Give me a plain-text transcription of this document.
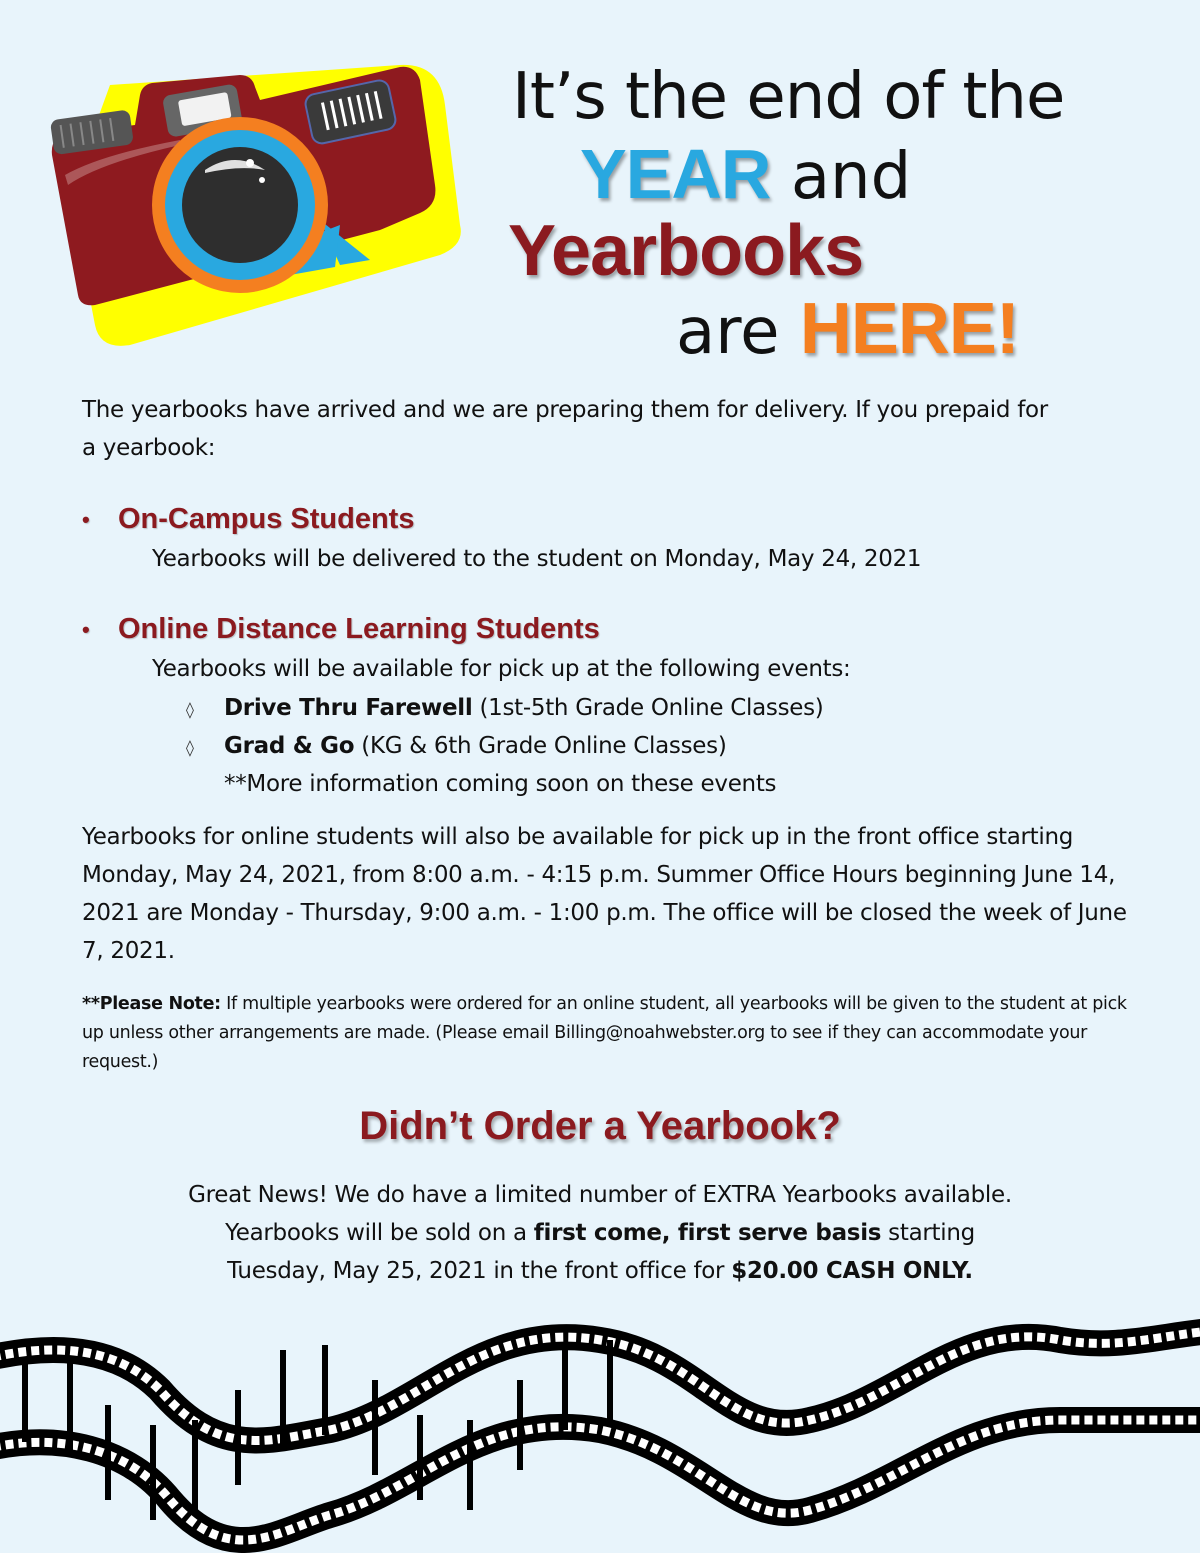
It’s the end of the
YEAR and
Yearbooks
are HERE!
The yearbooks have arrived and we are preparing them for delivery. If you prepaid for a yearbook:
• On-Campus Students
Yearbooks will be delivered to the student on Monday, May 24, 2021
• Online Distance Learning Students
Yearbooks will be available for pick up at the following events:
◊ Drive Thru Farewell (1st-5th Grade Online Classes)
◊ Grad & Go (KG & 6th Grade Online Classes)
**More information coming soon on these events
Yearbooks for online students will also be available for pick up in the front office starting Monday, May 24, 2021, from 8:00 a.m. - 4:15 p.m. Summer Office Hours beginning June 14, 2021 are Monday - Thursday, 9:00 a.m. - 1:00 p.m. The office will be closed the week of June 7, 2021.
**Please Note: If multiple yearbooks were ordered for an online student, all yearbooks will be given to the student at pick up unless other arrangements are made. (Please email Billing@noahwebster.org to see if they can accommodate your request.)
Didn’t Order a Yearbook?
Great News! We do have a limited number of EXTRA Yearbooks available.
Yearbooks will be sold on a first come, first serve basis starting
Tuesday, May 25, 2021 in the front office for $20.00 CASH ONLY.
